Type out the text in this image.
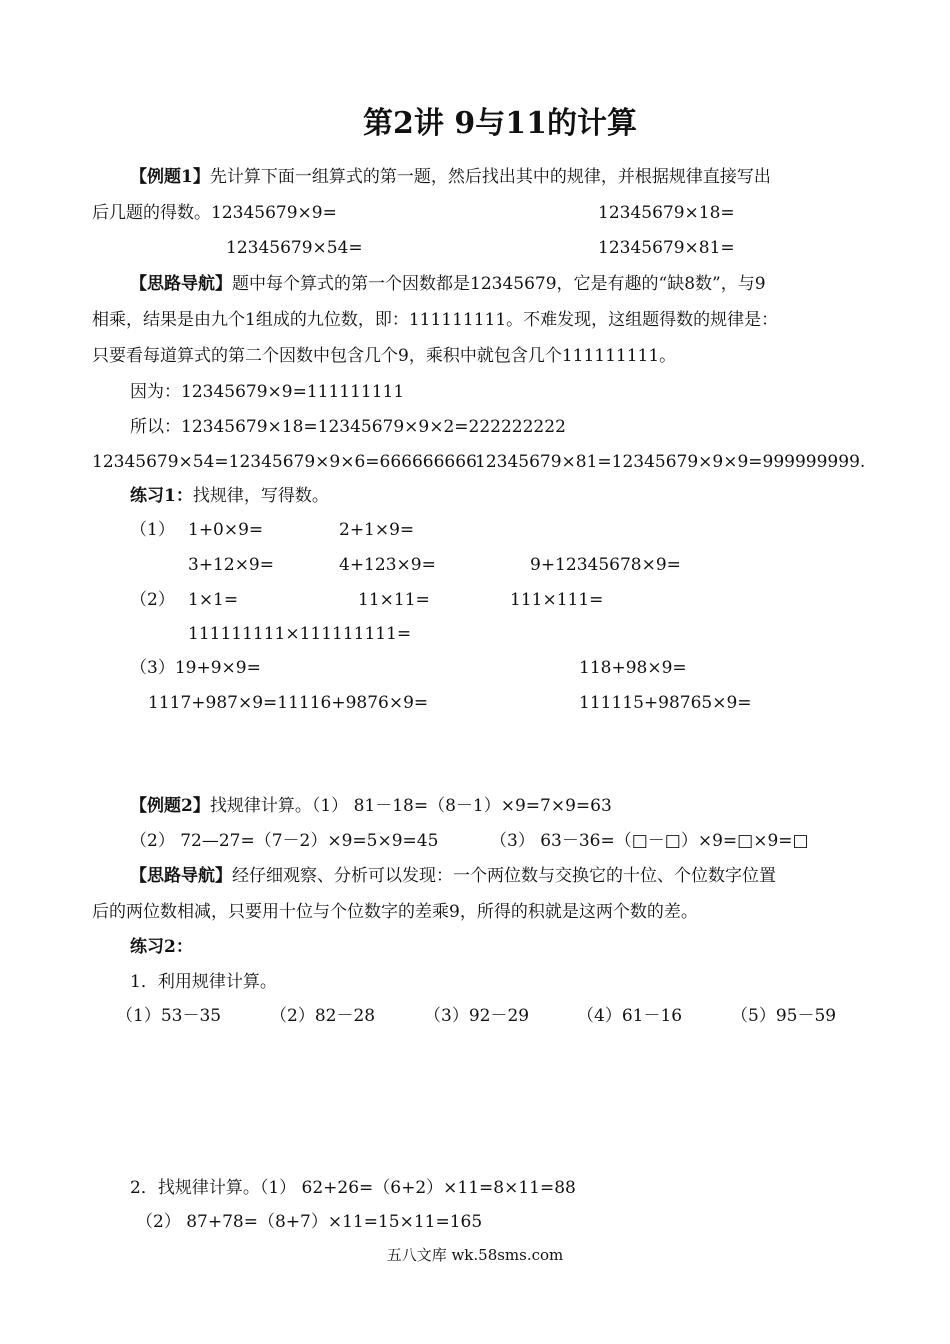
第2讲 9与11的计算
【例题1】先计算下面一组算式的第一题，然后找出其中的规律，并根据规律直接写出
后几题的得数。12345679×9=	12345679×18=
12345679×54=	12345679×81=
【思路导航】题中每个算式的第一个因数都是12345679，它是有趣的“缺8数”，与9
相乘，结果是由九个1组成的九位数，即：111111111。不难发现，这组题得数的规律是：
只要看每道算式的第二个因数中包含几个9，乘积中就包含几个111111111。
因为：12345679×9=111111111
所以：12345679×18=12345679×9×2=222222222
12345679×54=12345679×9×6=666666666
12345679×81=12345679×9×9=999999999.
练习1：找规律，写得数。
（1） 1+0×9=	2+1×9=
3+12×9=	4+123×9=	9+12345678×9=
（2） 1×1=	11×11=	111×111=
111111111×111111111=
（3）19+9×9=	118+98×9=
1117+987×9=11116+9876×9=	111115+98765×9=
【例题2】找规律计算。（1） 81－18=（8－1）×9=7×9=63
（2） 72—27=（7－2）×9=5×9=45	（3） 63－36=（□－□）×9=□×9=□
【思路导航】经仔细观察、分析可以发现：一个两位数与交换它的十位、个位数字位置
后的两位数相减，只要用十位与个位数字的差乘9，所得的积就是这两个数的差。
练习2：
1．利用规律计算。
（1）53－35	（2）82－28	（3）92－29	（4）61－16	（5）95－59
2．找规律计算。（1） 62+26=（6+2）×11=8×11=88
（2） 87+78=（8+7）×11=15×11=165
五八文库 wk.58sms.com
